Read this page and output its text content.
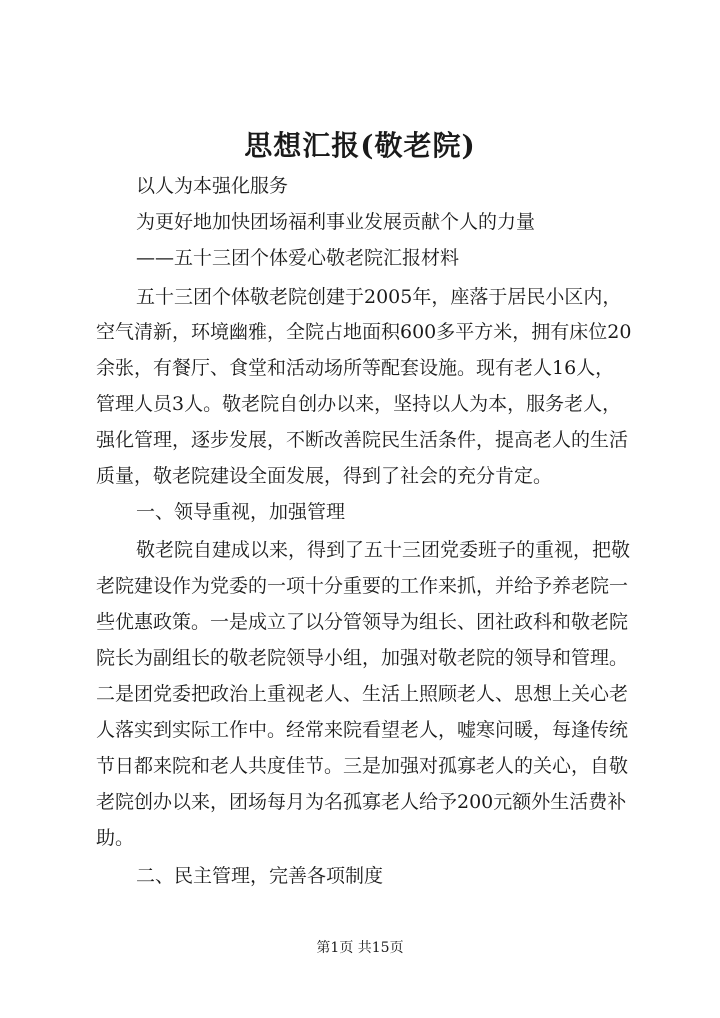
思想汇报(敬老院)
以人为本强化服务
为更好地加快团场福利事业发展贡献个人的力量
——五十三团个体爱心敬老院汇报材料
五十三团个体敬老院创建于2005年，座落于居民小区内，
空气清新，环境幽雅，全院占地面积600多平方米，拥有床位20
余张，有餐厅、食堂和活动场所等配套设施。现有老人16人，
管理人员3人。敬老院自创办以来，坚持以人为本，服务老人，
强化管理，逐步发展，不断改善院民生活条件，提高老人的生活
质量，敬老院建设全面发展，得到了社会的充分肯定。
一、领导重视，加强管理
敬老院自建成以来，得到了五十三团党委班子的重视，把敬
老院建设作为党委的一项十分重要的工作来抓，并给予养老院一
些优惠政策。一是成立了以分管领导为组长、团社政科和敬老院
院长为副组长的敬老院领导小组，加强对敬老院的领导和管理。
二是团党委把政治上重视老人、生活上照顾老人、思想上关心老
人落实到实际工作中。经常来院看望老人，嘘寒问暖，每逢传统
节日都来院和老人共度佳节。三是加强对孤寡老人的关心，自敬
老院创办以来，团场每月为名孤寡老人给予200元额外生活费补
助。
二、民主管理，完善各项制度
第1页 共15页
